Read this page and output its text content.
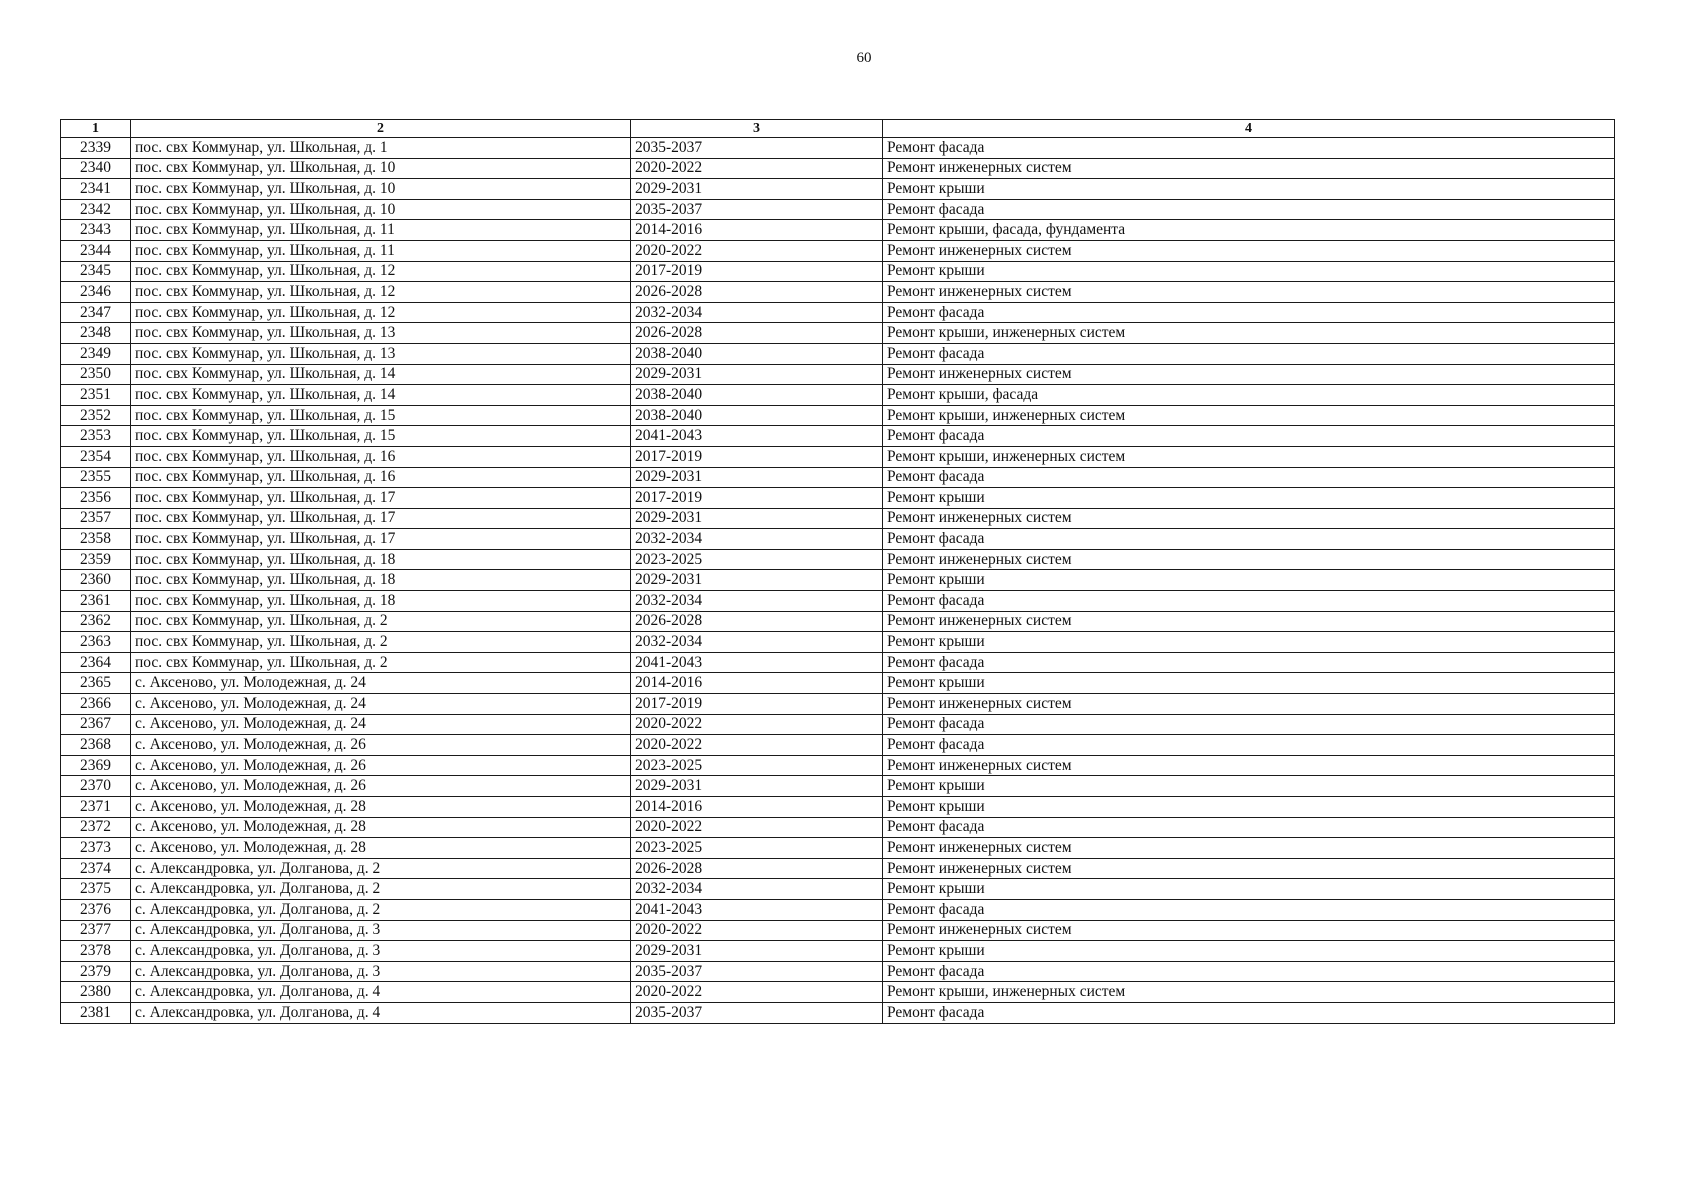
60
1	2	3	4
2339	пос. свх Коммунар, ул. Школьная, д. 1	2035-2037	Ремонт фасада
2340	пос. свх Коммунар, ул. Школьная, д. 10	2020-2022	Ремонт инженерных систем
2341	пос. свх Коммунар, ул. Школьная, д. 10	2029-2031	Ремонт крыши
2342	пос. свх Коммунар, ул. Школьная, д. 10	2035-2037	Ремонт фасада
2343	пос. свх Коммунар, ул. Школьная, д. 11	2014-2016	Ремонт крыши, фасада, фундамента
2344	пос. свх Коммунар, ул. Школьная, д. 11	2020-2022	Ремонт инженерных систем
2345	пос. свх Коммунар, ул. Школьная, д. 12	2017-2019	Ремонт крыши
2346	пос. свх Коммунар, ул. Школьная, д. 12	2026-2028	Ремонт инженерных систем
2347	пос. свх Коммунар, ул. Школьная, д. 12	2032-2034	Ремонт фасада
2348	пос. свх Коммунар, ул. Школьная, д. 13	2026-2028	Ремонт крыши, инженерных систем
2349	пос. свх Коммунар, ул. Школьная, д. 13	2038-2040	Ремонт фасада
2350	пос. свх Коммунар, ул. Школьная, д. 14	2029-2031	Ремонт инженерных систем
2351	пос. свх Коммунар, ул. Школьная, д. 14	2038-2040	Ремонт крыши, фасада
2352	пос. свх Коммунар, ул. Школьная, д. 15	2038-2040	Ремонт крыши, инженерных систем
2353	пос. свх Коммунар, ул. Школьная, д. 15	2041-2043	Ремонт фасада
2354	пос. свх Коммунар, ул. Школьная, д. 16	2017-2019	Ремонт крыши, инженерных систем
2355	пос. свх Коммунар, ул. Школьная, д. 16	2029-2031	Ремонт фасада
2356	пос. свх Коммунар, ул. Школьная, д. 17	2017-2019	Ремонт крыши
2357	пос. свх Коммунар, ул. Школьная, д. 17	2029-2031	Ремонт инженерных систем
2358	пос. свх Коммунар, ул. Школьная, д. 17	2032-2034	Ремонт фасада
2359	пос. свх Коммунар, ул. Школьная, д. 18	2023-2025	Ремонт инженерных систем
2360	пос. свх Коммунар, ул. Школьная, д. 18	2029-2031	Ремонт крыши
2361	пос. свх Коммунар, ул. Школьная, д. 18	2032-2034	Ремонт фасада
2362	пос. свх Коммунар, ул. Школьная, д. 2	2026-2028	Ремонт инженерных систем
2363	пос. свх Коммунар, ул. Школьная, д. 2	2032-2034	Ремонт крыши
2364	пос. свх Коммунар, ул. Школьная, д. 2	2041-2043	Ремонт фасада
2365	с. Аксеново, ул. Молодежная, д. 24	2014-2016	Ремонт крыши
2366	с. Аксеново, ул. Молодежная, д. 24	2017-2019	Ремонт инженерных систем
2367	с. Аксеново, ул. Молодежная, д. 24	2020-2022	Ремонт фасада
2368	с. Аксеново, ул. Молодежная, д. 26	2020-2022	Ремонт фасада
2369	с. Аксеново, ул. Молодежная, д. 26	2023-2025	Ремонт инженерных систем
2370	с. Аксеново, ул. Молодежная, д. 26	2029-2031	Ремонт крыши
2371	с. Аксеново, ул. Молодежная, д. 28	2014-2016	Ремонт крыши
2372	с. Аксеново, ул. Молодежная, д. 28	2020-2022	Ремонт фасада
2373	с. Аксеново, ул. Молодежная, д. 28	2023-2025	Ремонт инженерных систем
2374	с. Александровка, ул. Долганова, д. 2	2026-2028	Ремонт инженерных систем
2375	с. Александровка, ул. Долганова, д. 2	2032-2034	Ремонт крыши
2376	с. Александровка, ул. Долганова, д. 2	2041-2043	Ремонт фасада
2377	с. Александровка, ул. Долганова, д. 3	2020-2022	Ремонт инженерных систем
2378	с. Александровка, ул. Долганова, д. 3	2029-2031	Ремонт крыши
2379	с. Александровка, ул. Долганова, д. 3	2035-2037	Ремонт фасада
2380	с. Александровка, ул. Долганова, д. 4	2020-2022	Ремонт крыши, инженерных систем
2381	с. Александровка, ул. Долганова, д. 4	2035-2037	Ремонт фасада
